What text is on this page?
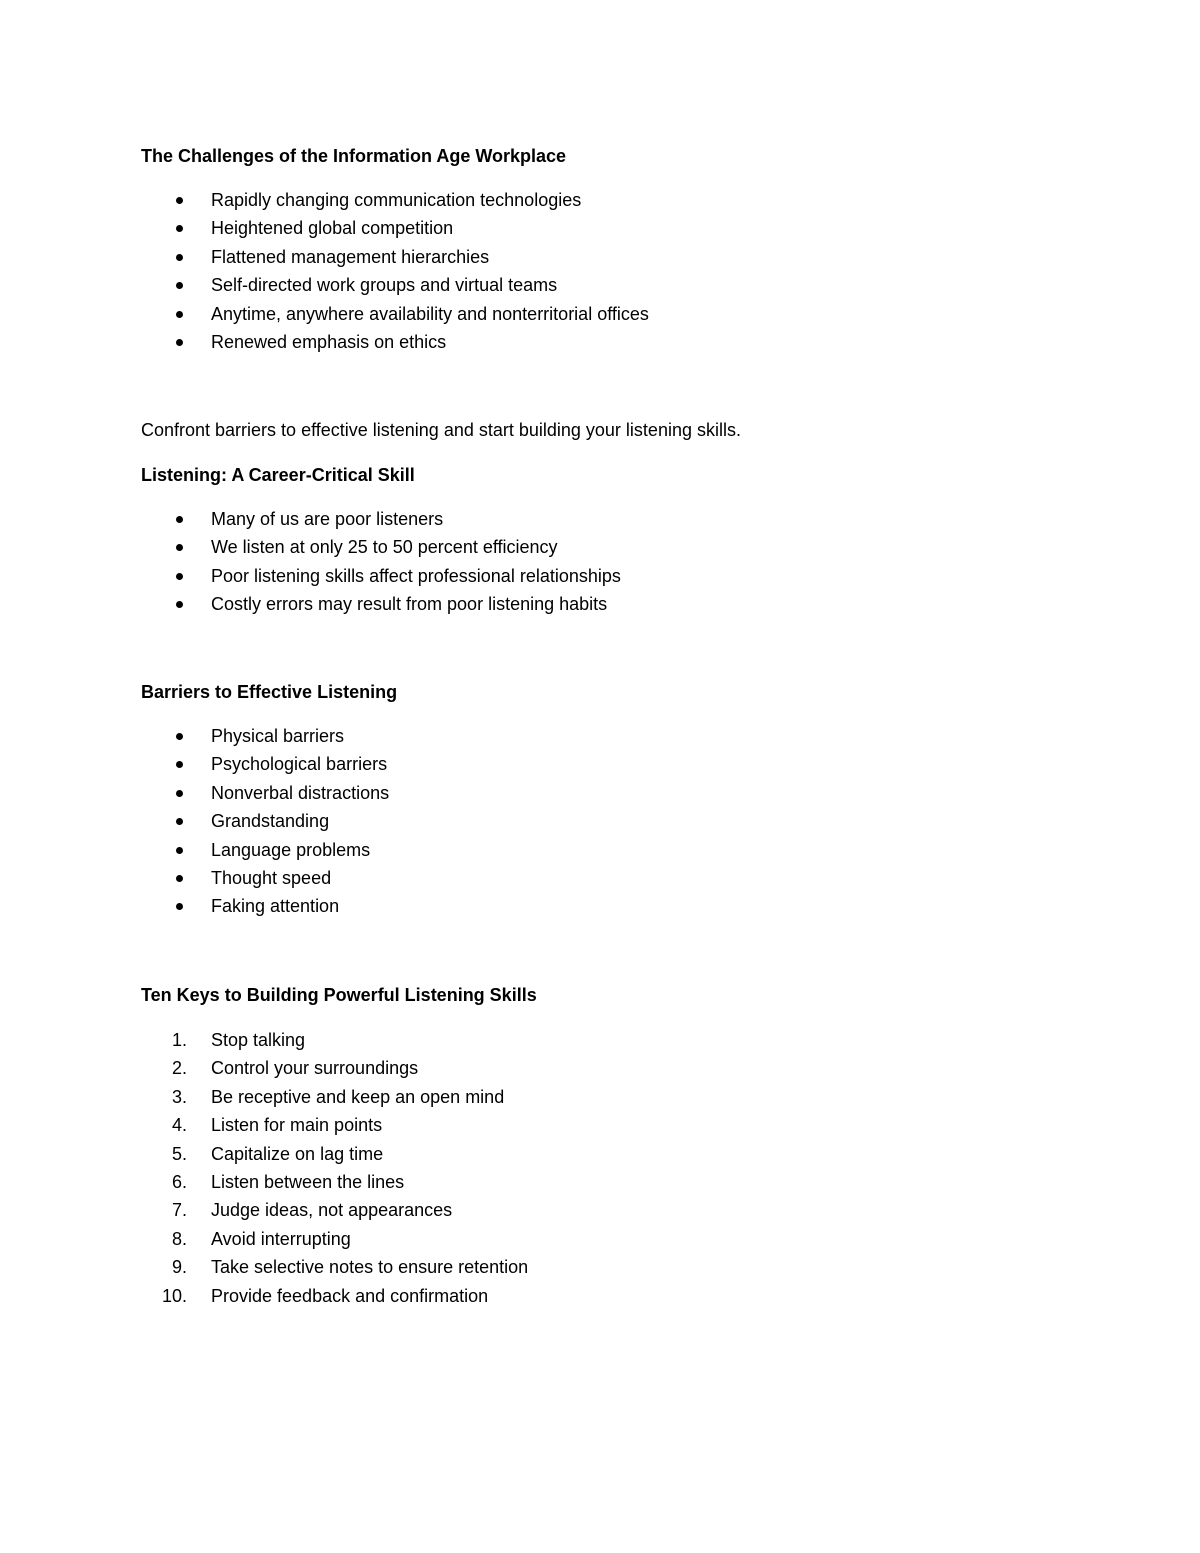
The Challenges of the Information Age Workplace
Rapidly changing communication technologies
Heightened global competition
Flattened management hierarchies
Self-directed work groups and virtual teams
Anytime, anywhere availability and nonterritorial offices
Renewed emphasis on ethics

Confront barriers to effective listening and start building your listening skills.

Listening: A Career-Critical Skill
Many of us are poor listeners
We listen at only 25 to 50 percent efficiency
Poor listening skills affect professional relationships
Costly errors may result from poor listening habits
Barriers to Effective Listening
Physical barriers
Psychological barriers
Nonverbal distractions
Grandstanding
Language problems
Thought speed
Faking attention
Ten Keys to Building Powerful Listening Skills
1.	Stop talking
2.	Control your surroundings
3.	Be receptive and keep an open mind
4.	Listen for main points
5.	Capitalize on lag time
6.	Listen between the lines
7.	Judge ideas, not appearances
8.	Avoid interrupting
9.	Take selective notes to ensure retention
10.	Provide feedback and confirmation
